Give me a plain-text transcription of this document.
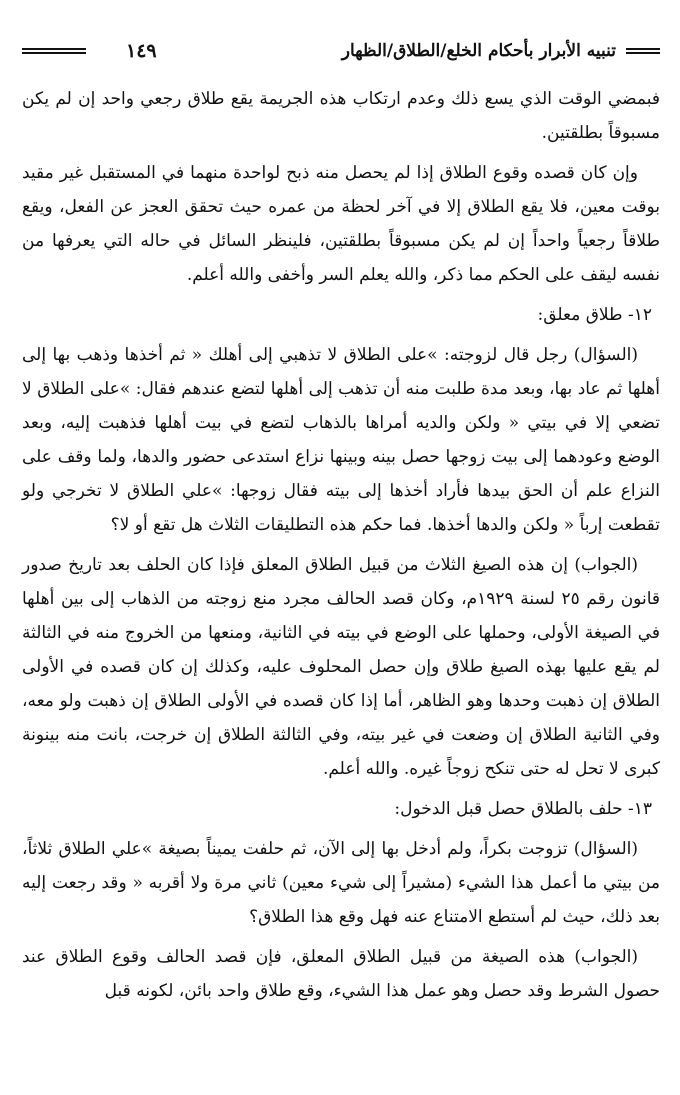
١٤٩	تنبيه الأبرار بأحكام الخلع/الطلاق/الظهار

فبمضي الوقت الذي يسع ذلك وعدم ارتكاب هذه الجريمة يقع طلاق رجعي واحد إن لم يكن مسبوقاً بطلقتين.

وإن كان قصده وقوع الطلاق إذا لم يحصل منه ذبح لواحدة منهما في المستقبل غير مقيد بوقت معين، فلا يقع الطلاق إلا في آخر لحظة من عمره حيث تحقق العجز عن الفعل، ويقع طلاقاً رجعياً واحداً إن لم يكن مسبوقاً بطلقتين، فلينظر السائل في حاله التي يعرفها من نفسه ليقف على الحكم مما ذكر، والله يعلم السر وأخفى والله أعلم.

١٢- طلاق معلق:

(السؤال) رجل قال لزوجته: »على الطلاق لا تذهبي إلى أهلك « ثم أخذها وذهب بها إلى أهلها ثم عاد بها، وبعد مدة طلبت منه أن تذهب إلى أهلها لتضع عندهم فقال: »على الطلاق لا تضعي إلا في بيتي « ولكن والديه أمراها بالذهاب لتضع في بيت أهلها فذهبت إليه، وبعد الوضع وعودهما إلى بيت زوجها حصل بينه وبينها نزاع استدعى حضور والدها، ولما وقف على النزاع علم أن الحق بيدها فأراد أخذها إلى بيته فقال زوجها: »علي الطلاق لا تخرجي ولو تقطعت إرباً « ولكن والدها أخذها. فما حكم هذه التطليقات الثلاث هل تقع أو لا؟

(الجواب) إن هذه الصيغ الثلاث من قبيل الطلاق المعلق فإذا كان الحلف بعد تاريخ صدور قانون رقم ٢٥ لسنة ١٩٢٩م، وكان قصد الحالف مجرد منع زوجته من الذهاب إلى بين أهلها في الصيغة الأولى، وحملها على الوضع في بيته في الثانية، ومنعها من الخروج منه في الثالثة لم يقع عليها بهذه الصيغ طلاق وإن حصل المحلوف عليه، وكذلك إن كان قصده في الأولى الطلاق إن ذهبت وحدها وهو الظاهر، أما إذا كان قصده في الأولى الطلاق إن ذهبت ولو معه، وفي الثانية الطلاق إن وضعت في غير بيته، وفي الثالثة الطلاق إن خرجت، بانت منه بينونة كبرى لا تحل له حتى تنكح زوجاً غيره. والله أعلم.

١٣- حلف بالطلاق حصل قبل الدخول:

(السؤال) تزوجت بكراً، ولم أدخل بها إلى الآن، ثم حلفت يميناً بصيغة »علي الطلاق ثلاثاً، من بيتي ما أعمل هذا الشيء (مشيراً إلى شيء معين) ثاني مرة ولا أقربه « وقد رجعت إليه بعد ذلك، حيث لم أستطع الامتناع عنه فهل وقع هذا الطلاق؟

(الجواب) هذه الصيغة من قبيل الطلاق المعلق، فإن قصد الحالف وقوع الطلاق عند حصول الشرط وقد حصل وهو عمل هذا الشيء، وقع طلاق واحد بائن، لكونه قبل
